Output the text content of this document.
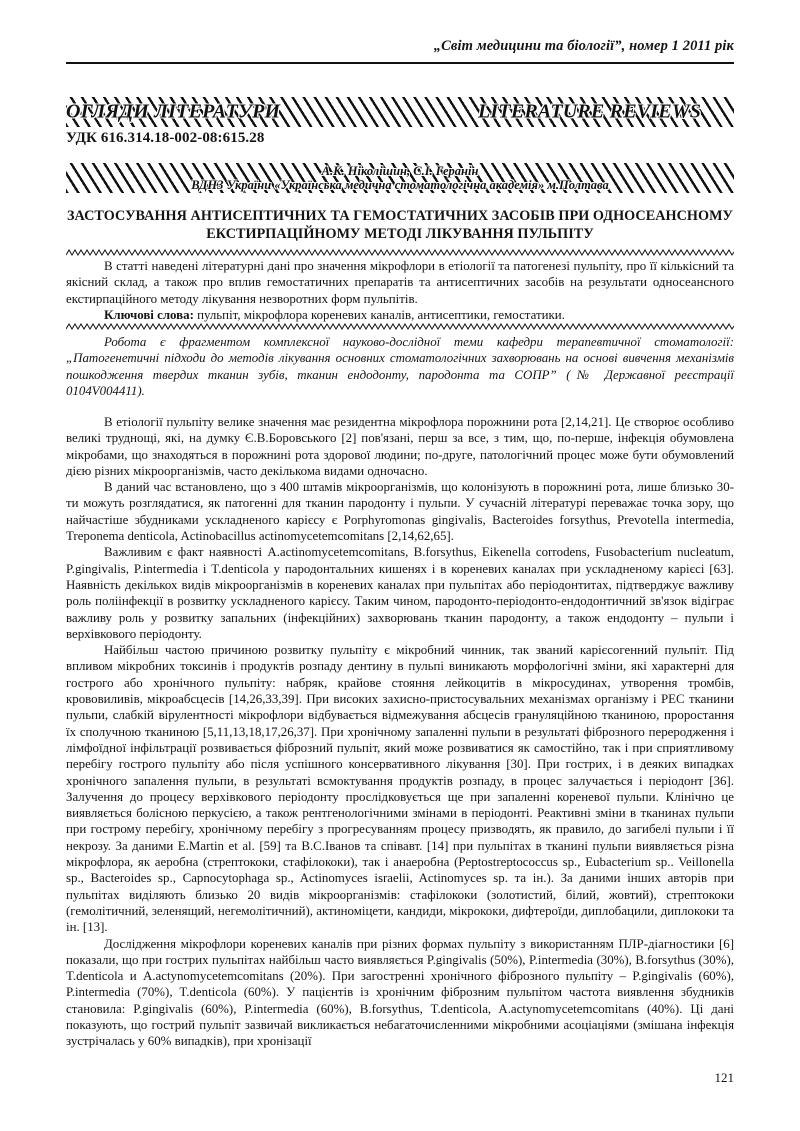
„Світ медицини та біології”, номер 1 2011 рік
ОГЛЯДИ ЛІТЕРАТУРИ	LITERATURE REVIEWS
УДК 616.314.18-002-08:615.28
А.К. Ніколішин, С.І. Геранін
ВДНЗ України «Українська медична стоматологічна академія» м.Полтава
ЗАСТОСУВАННЯ АНТИСЕПТИЧНИХ ТА ГЕМОСТАТИЧНИХ ЗАСОБІВ ПРИ ОДНОСЕАНСНОМУ ЕКСТИРПАЦІЙНОМУ МЕТОДІ ЛІКУВАННЯ ПУЛЬПІТУ

В статті наведені літературні дані про значення мікрофлори в етіології та патогенезі пульпіту, про її кількісний та якісний склад, а також про вплив гемостатичних препаратів та антисептичних засобів на результати односеансного екстирпаційного методу лікування незворотних форм пульпітів.

Ключові слова: пульпіт, мікрофлора кореневих каналів, антисептики, гемостатики.

Робота є фрагментом комплексної науково-дослідної теми кафедри терапевтичної стоматології: „Патогенетичні підходи до методів лікування основних стоматологічних захворювань на основі вивчення механізмів пошкодження твердих тканин зубів, тканин ендодонту, пародонта та СОПР” (№ Державної реєстрації 0104V004411).

В етіології пульпіту велике значення має резидентна мікрофлора порожнини рота [2,14,21]. Це створює особливо великі труднощі, які, на думку Є.В.Боровського [2] пов'язані, перш за все, з тим, що, по-перше, інфекція обумовлена мікробами, що знаходяться в порожнині рота здорової людини; по-друге, патологічний процес може бути обумовлений дією різних мікроорганізмів, часто декількома видами одночасно.

В даний час встановлено, що з 400 штамів мікроорганізмів, що колонізують в порожнині рота, лише близько 30-ти можуть розглядатися, як патогенні для тканин пародонту і пульпи. У сучасній літературі переважає точка зору, що найчастіше збудниками ускладненого карієсу є Porphyromonas gingivalis, Bacteroides forsythus, Prevotella intermedia, Treponema denticola, Actinobacillus actinomycetemcomitans [2,14,62,65].

Важливим є факт наявності A.actinomycetemcomitans, B.forsythus, Eikenella corrodens, Fusobacterium nucleatum, P.gingivalis, P.intermedia і T.denticola у пародонтальних кишенях і в кореневих каналах при ускладненому карієсі [63]. Наявність декількох видів мікроорганізмів в кореневих каналах при пульпітах або періодонтитах, підтверджує важливу роль поліінфекції в розвитку ускладненого карієсу. Таким чином, пародонто-періодонто-ендодонтичний зв'язок відіграє важливу роль у розвитку запальних (інфекційних) захворювань тканин пародонту, а також ендодонту – пульпи і верхівкового періодонту.

Найбільш частою причиною розвитку пульпіту є мікробний чинник, так званий карієсогенний пульпіт. Під впливом мікробних токсинів і продуктів розпаду дентину в пульпі виникають морфологічні зміни, які характерні для гострого або хронічного пульпіту: набряк, крайове стояння лейкоцитів в мікросудинах, утворення тромбів, крововиливів, мікроабсцесів [14,26,33,39]. При високих захисно-пристосувальних механізмах організму і РЕС тканини пульпи, слабкій вірулентності мікрофлори відбувається відмежування абсцесів грануляційною тканиною, проростання їх сполучною тканиною [5,11,13,18,17,26,37]. При хронічному запаленні пульпи в результаті фіброзного переродження і лімфоїдної інфільтрації розвивається фіброзний пульпіт, який може розвиватися як самостійно, так і при сприятливому перебігу гострого пульпіту або після успішного консервативного лікування [30]. При гострих, і в деяких випадках хронічного запалення пульпи, в результаті всмоктування продуктів розпаду, в процес залучається і періодонт [36]. Залучення до процесу верхівкового періодонту прослідковується ще при запаленні кореневої пульпи. Клінічно це виявляється болісною перкусією, а також рентгенологічними змінами в періодонті. Реактивні зміни в тканинах пульпи при гострому перебігу, хронічному перебігу з прогресуванням процесу призводять, як правило, до загибелі пульпи і її некрозу. За даними E.Martin et al. [59] та В.С.Іванов та співавт. [14] при пульпітах в тканині пульпи виявляється різна мікрофлора, як аеробна (стрептококи, стафілококи), так і анаеробна (Peptostreptococcus sp., Eubacterium sp.. Veillonella sp., Bacteroides sp., Capnocytophaga sp., Actinomyces israelii, Actinomyces sp. та ін.). За даними інших авторів при пульпітах виділяють близько 20 видів мікроорганізмів: стафілококи (золотистий, білий, жовтий), стрептококи (гемолітичний, зеленящий, негемолітичний), актиноміцети, кандиди, мікрококи, дифтероїди, диплобацили, диплококи та ін. [13].

Дослідження мікрофлори кореневих каналів при різних формах пульпіту з використанням ПЛР-діагностики [6] показали, що при гострих пульпітах найбільш часто виявляється P.gingivalis (50%), P.intermedia (30%), B.forsythus (30%), T.denticola и A.actynomycetemcomitans (20%). При загостренні хронічного фіброзного пульпіту – P.gingivalis (60%), P.intermedia (70%), T.denticola (60%). У пацієнтів із хронічним фіброзним пульпітом частота виявлення збудників становила: P.gingivalis (60%), P.intermedia (60%), B.forsythus, T.denticola, A.actynomycetemcomitans (40%). Ці дані показують, що гострий пульпіт зазвичай викликається небагаточисленними мікробними асоціаціями (змішана інфекція зустрічалась у 60% випадків), при хронізації

121
